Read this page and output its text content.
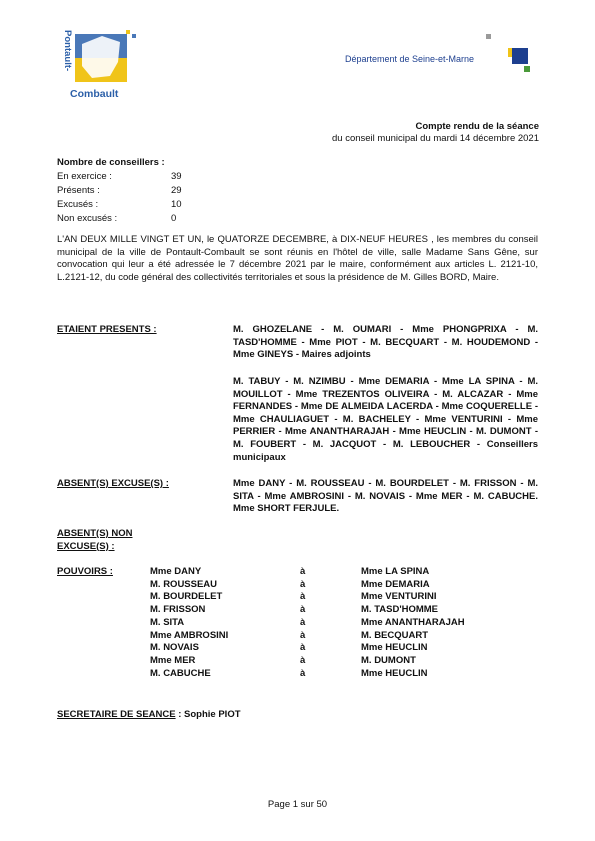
Pontault-
Combault
Département de Seine-et-Marne
Compte rendu de la séance
du conseil municipal du mardi 14 décembre 2021
Nombre de conseillers :
En exercice :	39
Présents :	29
Excusés :	10
Non excusés :	0
L'AN DEUX MILLE VINGT ET UN, le QUATORZE DECEMBRE, à DIX-NEUF HEURES , les membres du conseil municipal de la ville de Pontault-Combault se sont réunis en l'hôtel de ville, salle Madame Sans Gêne, sur convocation qui leur a été adressée le 7 décembre 2021 par le maire, conformément aux articles L. 2121-10, L.2121-12, du code général des collectivités territoriales et sous la présidence de M. Gilles BORD, Maire.
ETAIENT PRESENTS :	M. GHOZELANE - M. OUMARI - Mme PHONGPRIXA - M. TASD'HOMME - Mme PIOT - M. BECQUART - M. HOUDEMOND - Mme GINEYS - Maires adjoints
M. TABUY - M. NZIMBU - Mme DEMARIA - Mme LA SPINA - M. MOUILLOT - Mme TREZENTOS OLIVEIRA - M. ALCAZAR - Mme FERNANDES - Mme DE ALMEIDA LACERDA - Mme COQUERELLE - Mme CHAULIAGUET - M. BACHELEY - Mme VENTURINI - Mme PERRIER - Mme ANANTHARAJAH - Mme HEUCLIN - M. DUMONT - M. FOUBERT - M. JACQUOT - M. LEBOUCHER - Conseillers municipaux
ABSENT(S) EXCUSE(S) :	Mme DANY - M. ROUSSEAU - M. BOURDELET - M. FRISSON - M. SITA - Mme AMBROSINI - M. NOVAIS - Mme MER - M. CABUCHE. Mme SHORT FERJULE.
ABSENT(S) NON
EXCUSE(S) :
POUVOIRS :	Mme DANY	à	Mme LA SPINA
M. ROUSSEAU	à	Mme DEMARIA
M. BOURDELET	à	Mme VENTURINI
M. FRISSON	à	M. TASD'HOMME
M. SITA	à	Mme ANANTHARAJAH
Mme AMBROSINI	à	M. BECQUART
M. NOVAIS	à	Mme HEUCLIN
Mme MER	à	M. DUMONT
M. CABUCHE	à	Mme HEUCLIN
SECRETAIRE DE SEANCE : Sophie PIOT
Page 1 sur 50
